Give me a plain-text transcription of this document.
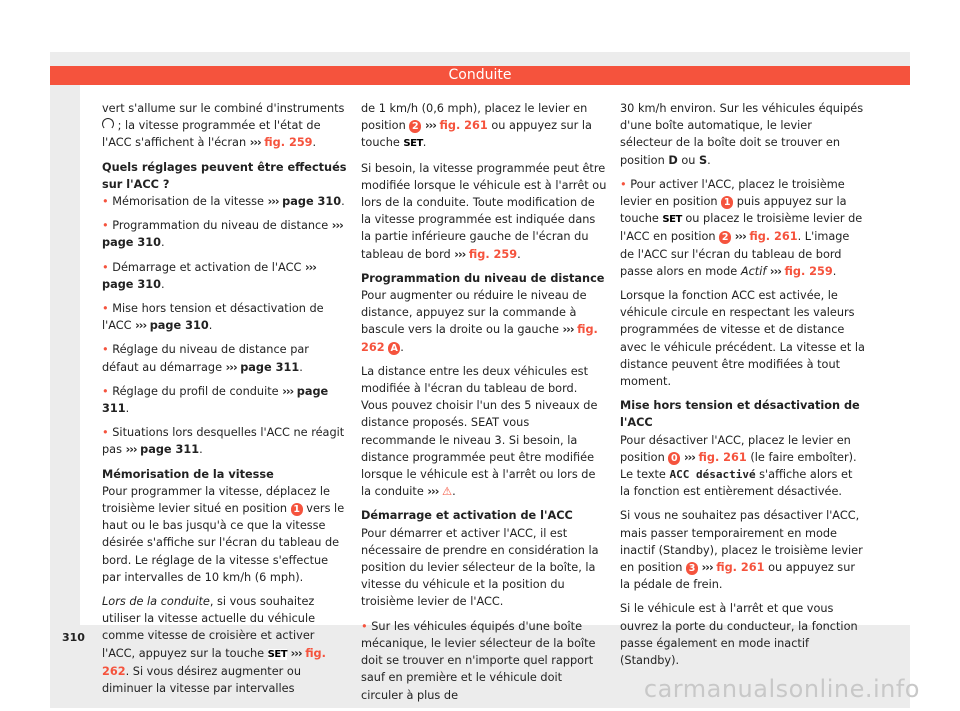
Conduite

vert s'allume sur le combiné d'instruments  ; la vitesse programmée et l'état de l'ACC s'affichent à l'écran ››› fig. 259.

Quels réglages peuvent être effectués sur l'ACC ?

• Mémorisation de la vitesse ››› page 310.

• Programmation du niveau de distance ››› page 310.

• Démarrage et activation de l'ACC ››› page 310.

• Mise hors tension et désactivation de l'ACC ››› page 310.

• Réglage du niveau de distance par défaut au démarrage ››› page 311.

• Réglage du profil de conduite ››› page 311.

• Situations lors desquelles l'ACC ne réagit pas ››› page 311.

Mémorisation de la vitesse

Pour programmer la vitesse, déplacez le troisième levier situé en position 1 vers le haut ou le bas jusqu'à ce que la vitesse désirée s'affiche sur l'écran du tableau de bord. Le réglage de la vitesse s'effectue par intervalles de 10 km/h (6 mph).

Lors de la conduite, si vous souhaitez utiliser la vitesse actuelle du véhicule comme vitesse de croisière et activer l'ACC, appuyez sur la touche SET ››› fig. 262. Si vous désirez augmenter ou diminuer la vitesse par intervalles

de 1 km/h (0,6 mph), placez le levier en position 2 ››› fig. 261 ou appuyez sur la touche SET.

Si besoin, la vitesse programmée peut être modifiée lorsque le véhicule est à l'arrêt ou lors de la conduite. Toute modification de la vitesse programmée est indiquée dans la partie inférieure gauche de l'écran du tableau de bord ››› fig. 259.

Programmation du niveau de distance

Pour augmenter ou réduire le niveau de distance, appuyez sur la commande à bascule vers la droite ou la gauche ››› fig. 262 A .

La distance entre les deux véhicules est modifiée à l'écran du tableau de bord. Vous pouvez choisir l'un des 5 niveaux de distance proposés. SEAT vous recommande le niveau 3. Si besoin, la distance programmée peut être modifiée lorsque le véhicule est à l'arrêt ou lors de la conduite ››› ⚠.

Démarrage et activation de l'ACC

Pour démarrer et activer l'ACC, il est nécessaire de prendre en considération la position du levier sélecteur de la boîte, la vitesse du véhicule et la position du troisième levier de l'ACC.

• Sur les véhicules équipés d'une boîte mécanique, le levier sélecteur de la boîte doit se trouver en n'importe quel rapport sauf en première et le véhicule doit circuler à plus de

30 km/h environ. Sur les véhicules équipés d'une boîte automatique, le levier sélecteur de la boîte doit se trouver en position D ou S.

• Pour activer l'ACC, placez le troisième levier en position 1 puis appuyez sur la touche SET ou placez le troisième levier de l'ACC en position 2 ››› fig. 261. L'image de l'ACC sur l'écran du tableau de bord passe alors en mode Actif ››› fig. 259.

Lorsque la fonction ACC est activée, le véhicule circule en respectant les valeurs programmées de vitesse et de distance avec le véhicule précédent. La vitesse et la distance peuvent être modifiées à tout moment.

Mise hors tension et désactivation de l'ACC

Pour désactiver l'ACC, placez le levier en position 0 ››› fig. 261 (le faire emboîter). Le texte ACC désactivé s'affiche alors et la fonction est entièrement désactivée.

Si vous ne souhaitez pas désactiver l'ACC, mais passer temporairement en mode inactif (Standby), placez le troisième levier en position 3 ››› fig. 261 ou appuyez sur la pédale de frein.

Si le véhicule est à l'arrêt et que vous ouvrez la porte du conducteur, la fonction passe également en mode inactif (Standby).

310
carmanualsonline.info
